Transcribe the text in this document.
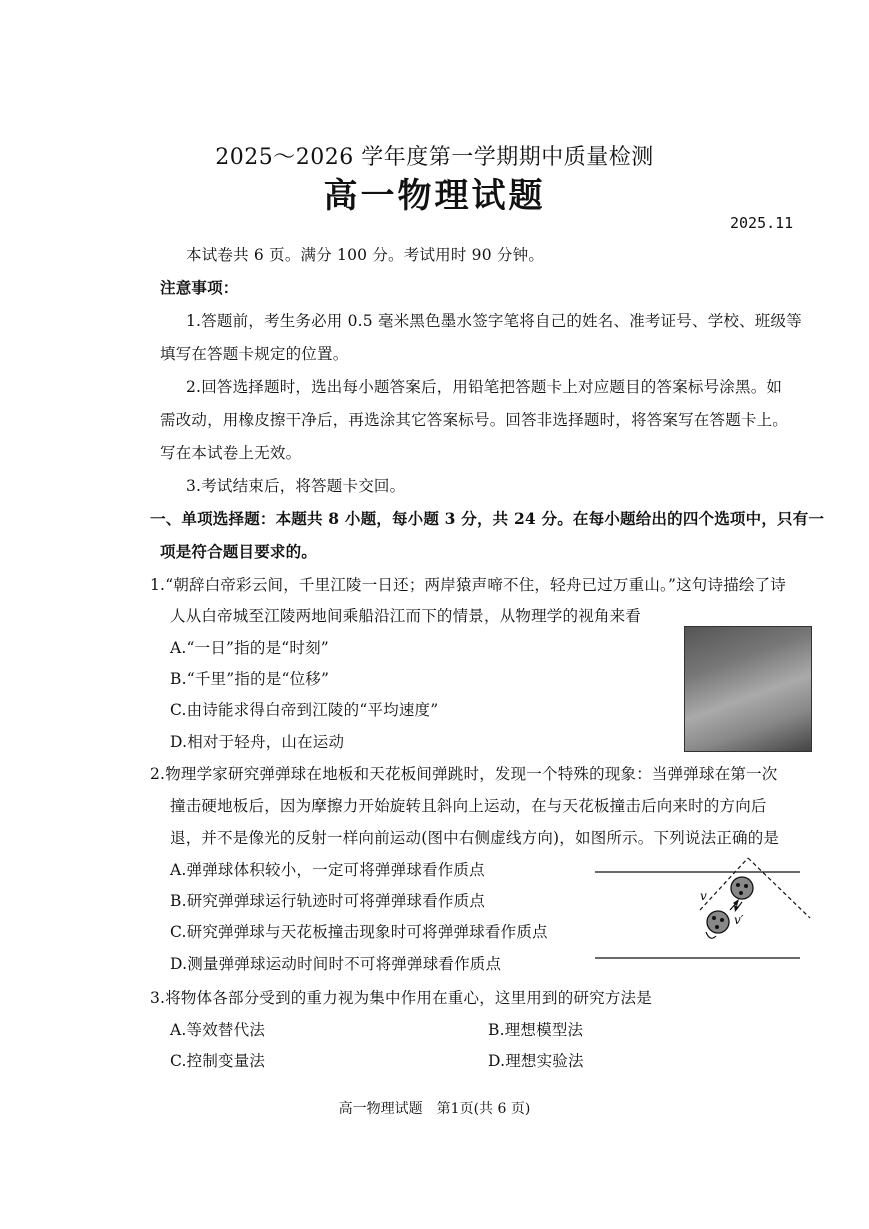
2025～2026 学年度第一学期期中质量检测
高一物理试题
2025.11
本试卷共 6 页。满分 100 分。考试用时 90 分钟。
注意事项：
1.答题前，考生务必用 0.5 毫米黑色墨水签字笔将自己的姓名、准考证号、学校、班级等
填写在答题卡规定的位置。
2.回答选择题时，选出每小题答案后，用铅笔把答题卡上对应题目的答案标号涂黑。如
需改动，用橡皮擦干净后，再选涂其它答案标号。回答非选择题时，将答案写在答题卡上。
写在本试卷上无效。
3.考试结束后，将答题卡交回。
一、单项选择题：本题共 8 小题，每小题 3 分，共 24 分。在每小题给出的四个选项中，只有一
项是符合题目要求的。
1.“朝辞白帝彩云间，千里江陵一日还；两岸猿声啼不住，轻舟已过万重山。”这句诗描绘了诗
人从白帝城至江陵两地间乘船沿江而下的情景，从物理学的视角来看
A.“一日”指的是“时刻”
B.“千里”指的是“位移”
C.由诗能求得白帝到江陵的“平均速度”
D.相对于轻舟，山在运动
2.物理学家研究弹弹球在地板和天花板间弹跳时，发现一个特殊的现象：当弹弹球在第一次
撞击硬地板后，因为摩擦力开始旋转且斜向上运动，在与天花板撞击后向来时的方向后
退，并不是像光的反射一样向前运动(图中右侧虚线方向)，如图所示。下列说法正确的是
A.弹弹球体积较小，一定可将弹弹球看作质点
B.研究弹弹球运行轨迹时可将弹弹球看作质点
C.研究弹弹球与天花板撞击现象时可将弹弹球看作质点
D.测量弹弹球运动时间时不可将弹弹球看作质点
v
v′
3.将物体各部分受到的重力视为集中作用在重心，这里用到的研究方法是
A.等效替代法	B.理想模型法
C.控制变量法	D.理想实验法
高一物理试题　第1页(共 6 页)
